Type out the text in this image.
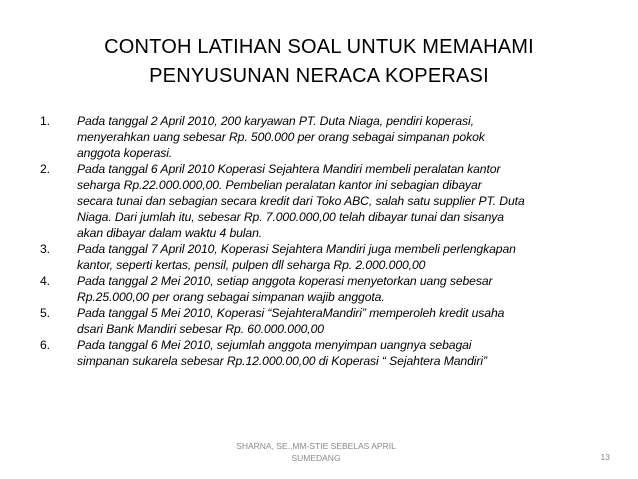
CONTOH LATIHAN SOAL UNTUK MEMAHAMI
PENYUSUNAN NERACA KOPERASI
1. Pada tanggal 2 April 2010, 200 karyawan PT. Duta Niaga, pendiri koperasi,
menyerahkan uang sebesar Rp. 500.000 per orang sebagai simpanan pokok
anggota koperasi.
2. Pada tanggal 6 April 2010 Koperasi Sejahtera Mandiri membeli peralatan kantor
seharga Rp.22.000.000,00. Pembelian peralatan kantor ini sebagian dibayar
secara tunai dan sebagian secara kredit dari Toko ABC, salah satu supplier PT. Duta
Niaga. Dari jumlah itu, sebesar Rp. 7.000.000,00 telah dibayar tunai dan sisanya
akan dibayar dalam waktu 4 bulan.
3. Pada tanggal 7 April 2010, Koperasi Sejahtera Mandiri juga membeli perlengkapan
kantor, seperti kertas, pensil, pulpen dll seharga Rp. 2.000.000,00
4. Pada tanggal 2 Mei 2010, setiap anggota koperasi menyetorkan uang sebesar
Rp.25.000,00 per orang sebagai simpanan wajib anggota.
5. Pada tanggal 5 Mei 2010, Koperasi “SejahteraMandiri” memperoleh kredit usaha
dsari Bank Mandiri sebesar Rp. 60.000.000,00
6. Pada tanggal 6 Mei 2010, sejumlah anggota menyimpan uangnya sebagai
simpanan sukarela sebesar Rp.12.000.00,00 di Koperasi “ Sejahtera Mandiri”
SHARNA, SE.,MM-STIE SEBELAS APRIL
SUMEDANG	13
